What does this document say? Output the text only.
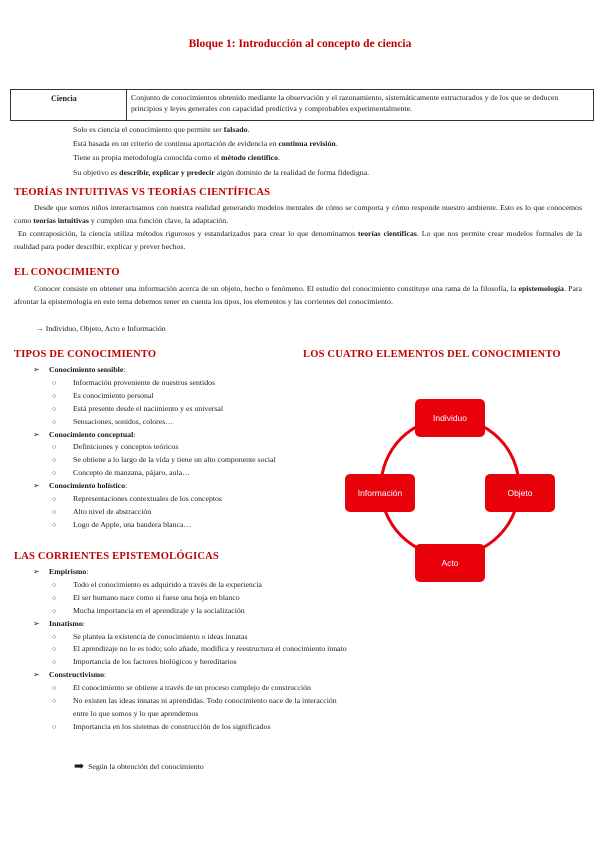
Bloque 1: Introducción al concepto de ciencia
Ciencia	Conjunto de conocimientos obtenido mediante la observación y el razonamiento, sistemáticamente estructurados y de los que se deducen principios y leyes generales con capacidad predictiva y comprobables experimentalmente.
Solo es ciencia el conocimiento que permite ser falsado.
Está basada en un criterio de continua aportación de evidencia en continua revisión.
Tiene su propia metodología conocida como el método científico.
Su objetivo es describir, explicar y predecir algún dominio de la realidad de forma fidedigna.
TEORÍAS INTUITIVAS VS TEORÍAS CIENTÍFICAS
Desde que somos niños interactuamos con nuestra realidad generando modelos mentales de cómo se comporta y cómo responde nuestro ambiente. Esto es lo que conocemos como teorías intuitivas y cumplen una función clave, la adaptación.
En contraposición, la ciencia utiliza métodos rigurosos y estandarizados para crear lo que denominamos teorías científicas. Lo que nos permite crear modelos formales de la realidad para poder describir, explicar y prever hechos.
EL CONOCIMIENTO
Conocer consiste en obtener una información acerca de un objeto, hecho o fenómeno. El estudio del conocimiento constituye una rama de la filosofía, la epistemología. Para afrontar la epistemología en este tema debemos tener en cuenta los tipos, los elementos y las corrientes del conocimiento.
→ Individuo, Objeto, Acto e Información
TIPOS DE CONOCIMIENTO
➢ Conocimiento sensible:
○ Información proveniente de nuestros sentidos
○ Es conocimiento personal
○ Está presente desde el nacimiento y es universal
○ Sensaciones, sonidos, colores…
➢ Conocimiento conceptual:
○ Definiciones y conceptos teóricos
○ Se obtiene a lo largo de la vida y tiene un alto componente social
○ Concepto de manzana, pájaro, aula…
➢ Conocimiento holístico:
○ Representaciones contextuales de los conceptos
○ Alto nivel de abstracción
○ Logo de Apple, una bandera blanca…
LOS CUATRO ELEMENTOS DEL CONOCIMIENTO
Individuo
Objeto
Acto
Información
LAS CORRIENTES EPISTEMOLÓGICAS
➢ Empirismo:
○ Todo el conocimiento es adquirido a través de la experiencia
○ El ser humano nace como si fuese una hoja en blanco
○ Mucha importancia en el aprendizaje y la socialización
➢ Innatismo:
○ Se plantea la existencia de conocimiento o ideas innatas
○ El aprendizaje no lo es todo; solo añade, modifica y reestructura el conocimiento innato
○ Importancia de los factores biológicos y hereditarios
➢ Constructivismo:
○ El conocimiento se obtiene a través de un proceso complejo de construcción
○ No existen las ideas innatas ni aprendidas. Todo conocimiento nace de la interacción entre lo que somos y lo que aprendemos
○ Importancia en los sistemas de construcción de los significados
➡ Según la obtención del conocimiento
